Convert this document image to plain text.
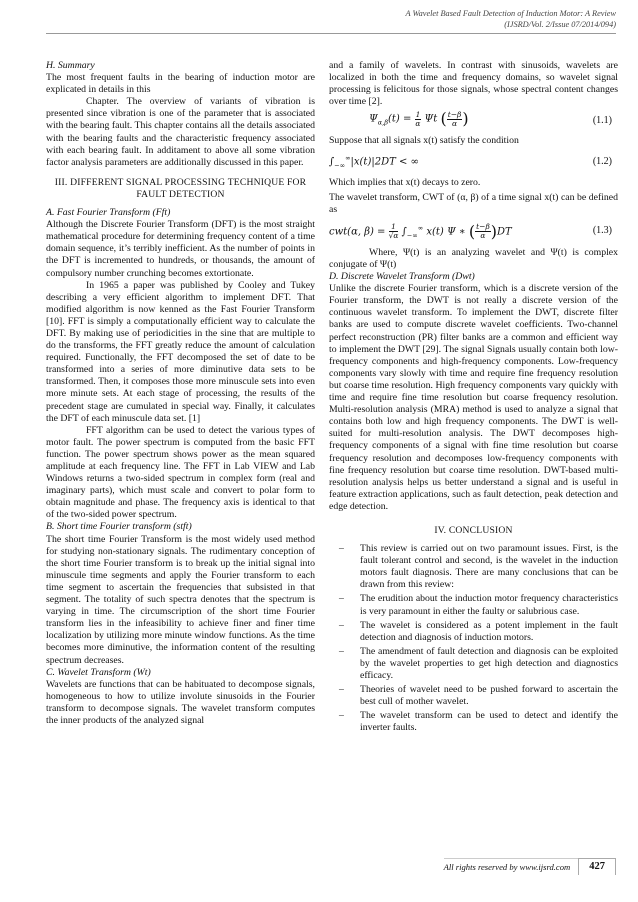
A Wavelet Based Fault Detection of Induction Motor: A Review
(IJSRD/Vol. 2/Issue 07/2014/094)

H. Summary

The most frequent faults in the bearing of induction motor are explicated in details in this

Chapter. The overview of variants of vibration is presented since vibration is one of the parameter that is associated with the bearing fault. This chapter contains all the details associated with the bearing faults and the characteristic frequency associated with each bearing fault. In additament to above all some vibration factor analysis parameters are additionally discussed in this paper.

III. DIFFERENT SIGNAL PROCESSING TECHNIQUE FOR FAULT DETECTION

A. Fast Fourier Transform (Fft)

Although the Discrete Fourier Transform (DFT) is the most straight mathematical procedure for determining frequency content of a time domain sequence, it’s terribly inefficient. As the number of points in the DFT is incremented to hundreds, or thousands, the amount of compulsory number crunching becomes extortionate.

In 1965 a paper was published by Cooley and Tukey describing a very efficient algorithm to implement DFT. That modified algorithm is now kenned as the Fast Fourier Transform [10]. FFT is simply a computationally efficient way to calculate the DFT. By making use of periodicities in the sine that are multiple to do the transforms, the FFT greatly reduce the amount of calculation required. Functionally, the FFT decomposed the set of date to be transformed into a series of more diminutive data sets to be transformed. Then, it composes those more minuscule sets into even more minute sets. At each stage of processing, the results of the precedent stage are cumulated in special way. Finally, it calculates the DFT of each minuscule data set. [1]

FFT algorithm can be used to detect the various types of motor fault. The power spectrum is computed from the basic FFT function. The power spectrum shows power as the mean squared amplitude at each frequency line. The FFT in Lab VIEW and Lab Windows returns a two-sided spectrum in complex form (real and imaginary parts), which must scale and convert to polar form to obtain magnitude and phase. The frequency axis is identical to that of the two-sided power spectrum.

B. Short time Fourier transform (stft)

The short time Fourier Transform is the most widely used method for studying non-stationary signals. The rudimentary conception of the short time Fourier transform is to break up the initial signal into minuscule time segments and apply the Fourier transform to each time segment to ascertain the frequencies that subsisted in that segment. The totality of such spectra denotes that the spectrum is varying in time. The circumscription of the short time Fourier transform lies in the infeasibility to achieve finer and finer time localization by utilizing more minute window functions. As the time becomes more diminutive, the information content of the resulting spectrum decreases.

C. Wavelet Transform (Wt)

Wavelets are functions that can be habituated to decompose signals, homogeneous to how to utilize involute sinusoids in the Fourier transform to decompose signals. The wavelet transform computes the inner products of the analyzed signal

and a family of wavelets. In contrast with sinusoids, wavelets are localized in both the time and frequency domains, so wavelet signal processing is felicitous for those signals, whose spectral content changes over time [2].

$\Psi_{\alpha,\beta}(t) = \frac{1}{\alpha}$ Ψt ( $\frac{t-\beta}{\alpha}$ )	(1.1)

Suppose that all signals x(t) satisfy the condition

$\int_{-\infty}^\infty|x(t)|2DT$ < ∞	(1.2)

Which implies that x(t) decays to zero.

The wavelet transform, CWT of (α, β) of a time signal x(t) can be defined as

cwt(α, $\beta) = \frac{1}{√\alpha} \int_{-\infty}^\infty$ x(t) Ψ ∗ ( $\frac{t-\beta}{\alpha} )DT$	(1.3)

Where, Ψ(t) is an analyzing wavelet and Ψ(t) is complex conjugate of Ψ(t)

D. Discrete Wavelet Transform (Dwt)

Unlike the discrete Fourier transform, which is a discrete version of the Fourier transform, the DWT is not really a discrete version of the continuous wavelet transform. To implement the DWT, discrete filter banks are used to compute discrete wavelet coefficients. Two-channel perfect reconstruction (PR) filter banks are a common and efficient way to implement the DWT [29]. The signal Signals usually contain both low-frequency components and high-frequency components. Low-frequency components vary slowly with time and require fine frequency resolution but coarse time resolution. High frequency components vary quickly with time and require fine time resolution but coarse frequency resolution. Multi-resolution analysis (MRA) method is used to analyze a signal that contains both low and high frequency components. The DWT is well-suited for multi-resolution analysis. The DWT decomposes high-frequency components of a signal with fine time resolution but coarse frequency resolution and decomposes low-frequency components with fine frequency resolution but coarse time resolution. DWT-based multi-resolution analysis helps us better understand a signal and is useful in feature extraction applications, such as fault detection, peak detection and edge detection.

IV. CONCLUSION
– This review is carried out on two paramount issues. First, is the fault tolerant control and second, is the wavelet in the induction motors fault diagnosis. There are many conclusions that can be drawn from this review:
– The erudition about the induction motor frequency characteristics is very paramount in either the faulty or salubrious case.
– The wavelet is considered as a potent implement in the fault detection and diagnosis of induction motors.
– The amendment of fault detection and diagnosis can be exploited by the wavelet properties to get high detection and diagnostics efficacy.
– Theories of wavelet need to be pushed forward to ascertain the best cull of mother wavelet.
– The wavelet transform can be used to detect and identify the inverter faults.
All rights reserved by www.ijsrd.com	427
